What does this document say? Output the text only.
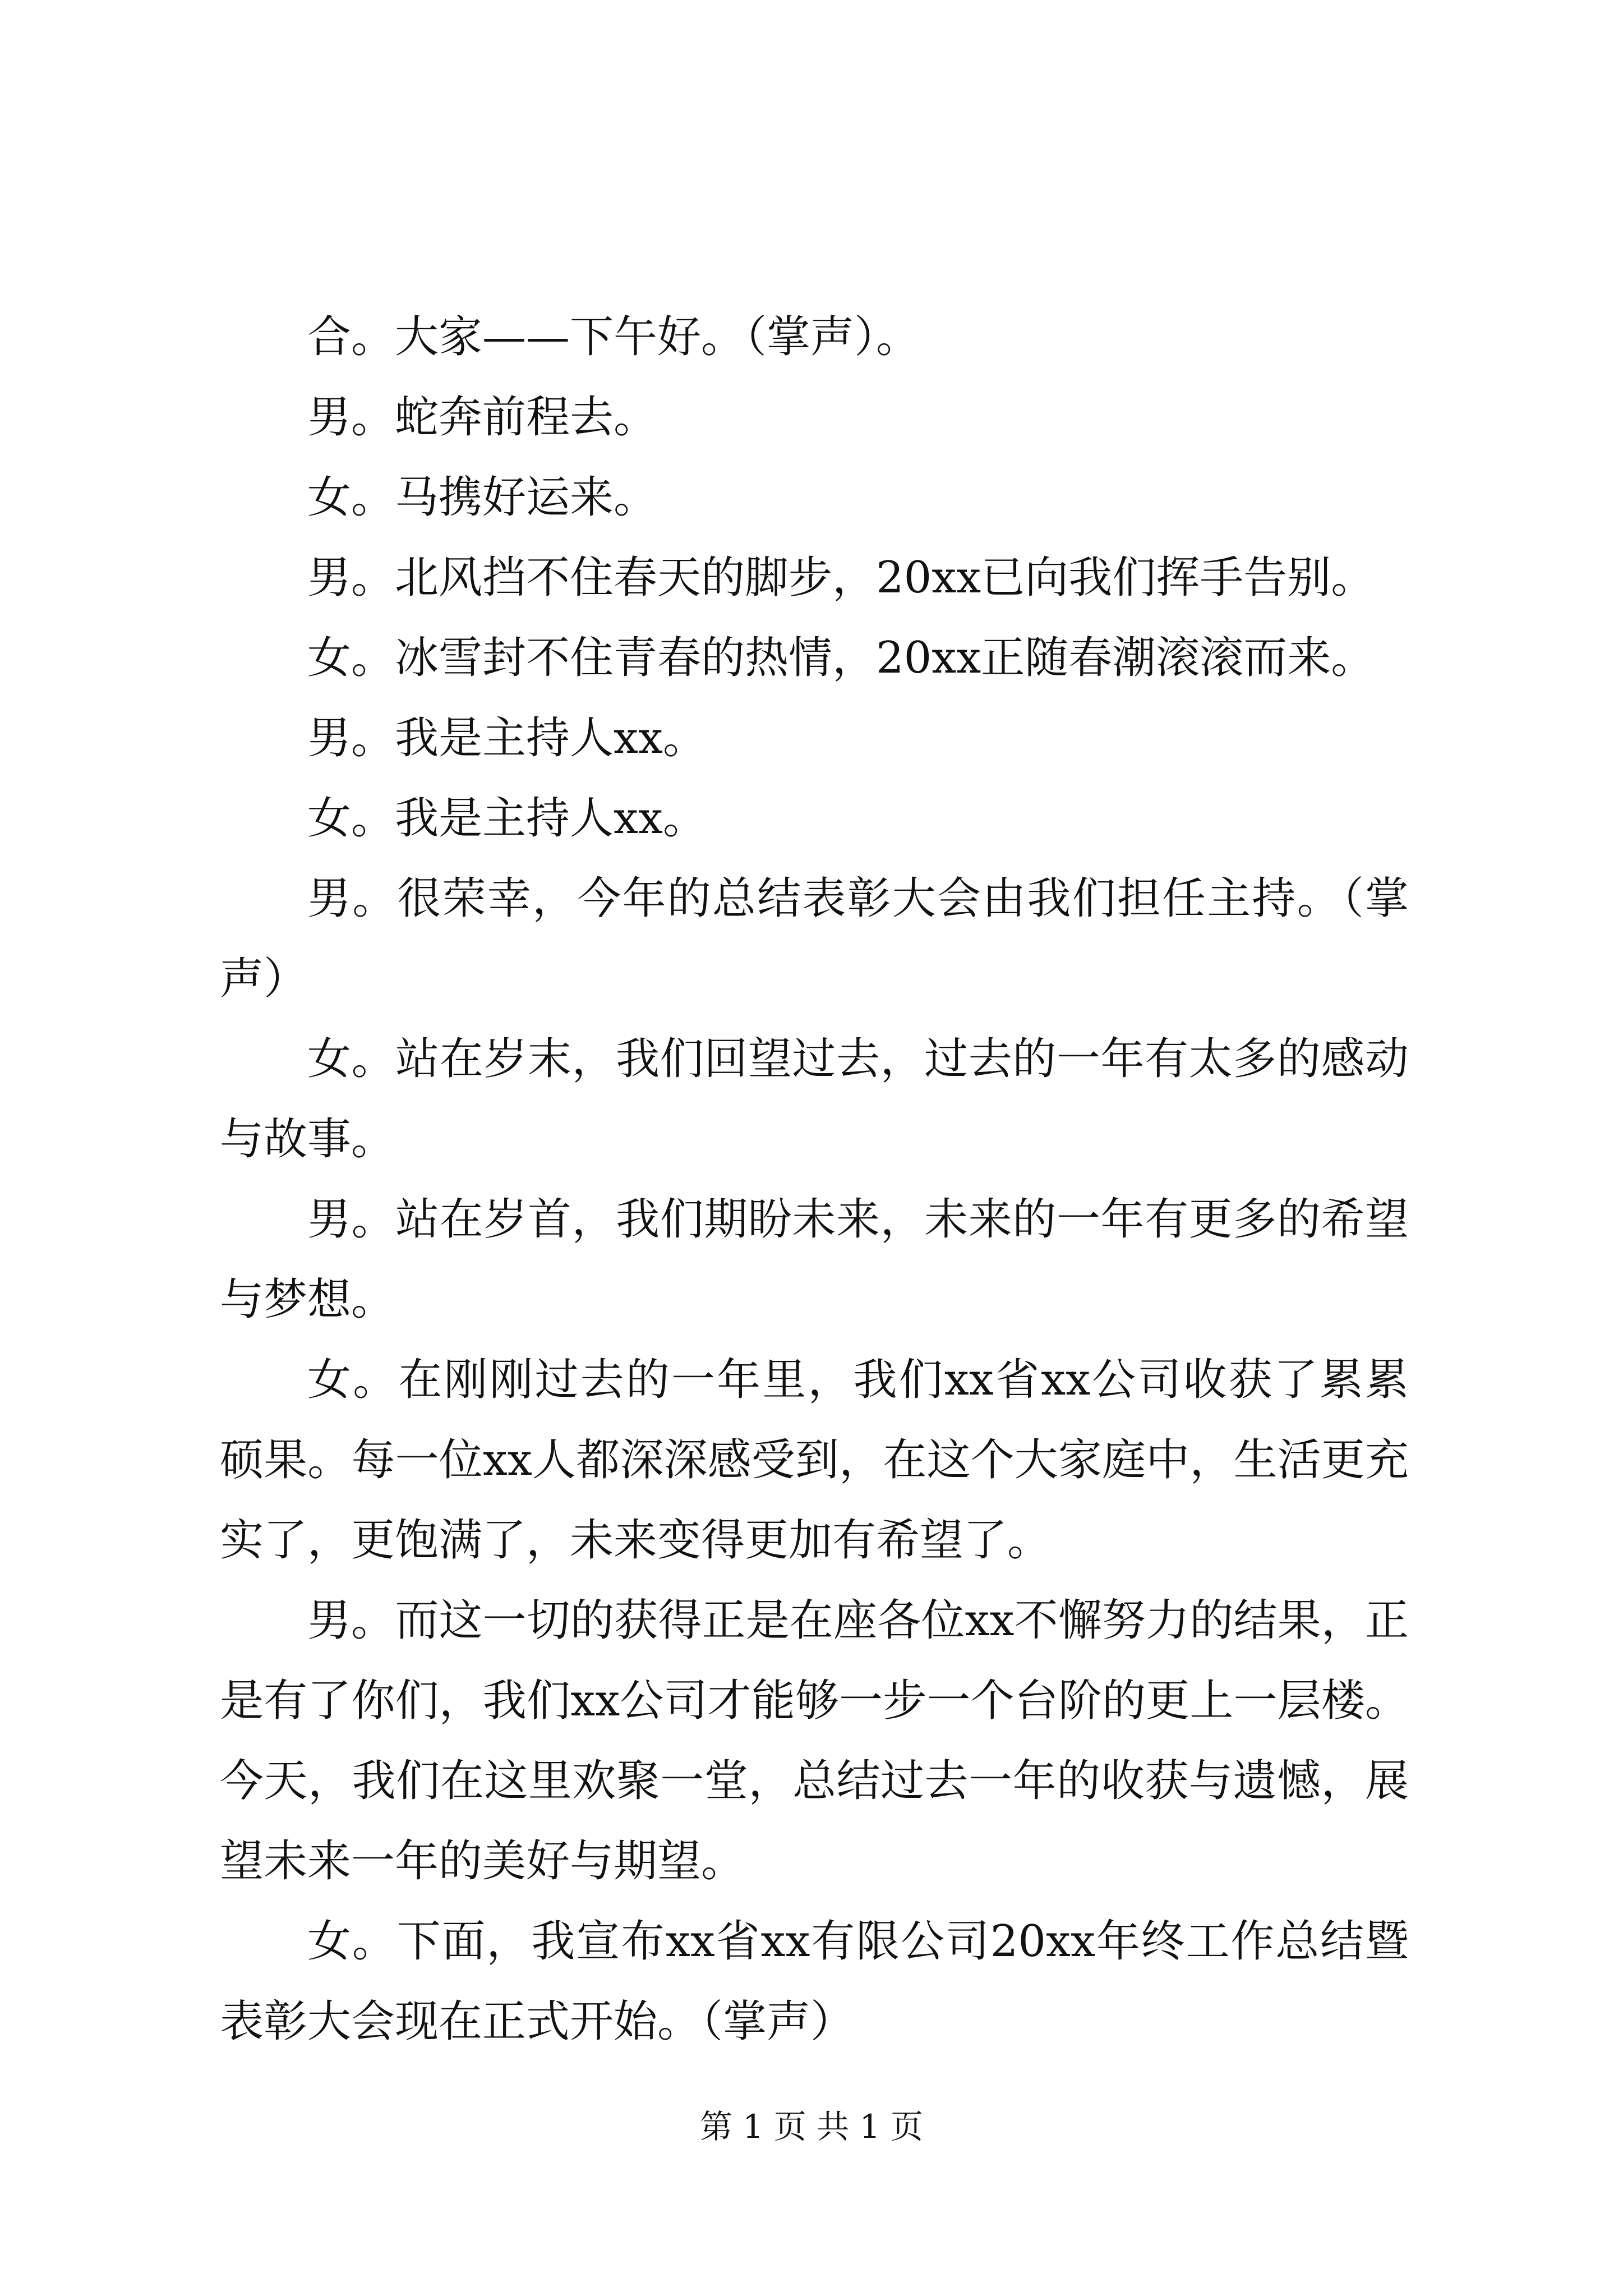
合。大家——下午好。（掌声）。

男。蛇奔前程去。

女。马携好运来。

男。北风挡不住春天的脚步，20xx已向我们挥手告别。

女。冰雪封不住青春的热情，20xx正随春潮滚滚而来。

男。我是主持人xx。

女。我是主持人xx。

男。很荣幸，今年的总结表彰大会由我们担任主持。（掌声）

女。站在岁末，我们回望过去，过去的一年有太多的感动与故事。

男。站在岁首，我们期盼未来，未来的一年有更多的希望与梦想。

女。在刚刚过去的一年里，我们xx省xx公司收获了累累硕果。每一位xx人都深深感受到，在这个大家庭中，生活更充实了，更饱满了，未来变得更加有希望了。

男。而这一切的获得正是在座各位xx不懈努力的结果，正是有了你们，我们xx公司才能够一步一个台阶的更上一层楼。今天，我们在这里欢聚一堂，总结过去一年的收获与遗憾，展望未来一年的美好与期望。

女。下面，我宣布xx省xx有限公司20xx年终工作总结暨表彰大会现在正式开始。（掌声）

第 1 页 共 1 页
